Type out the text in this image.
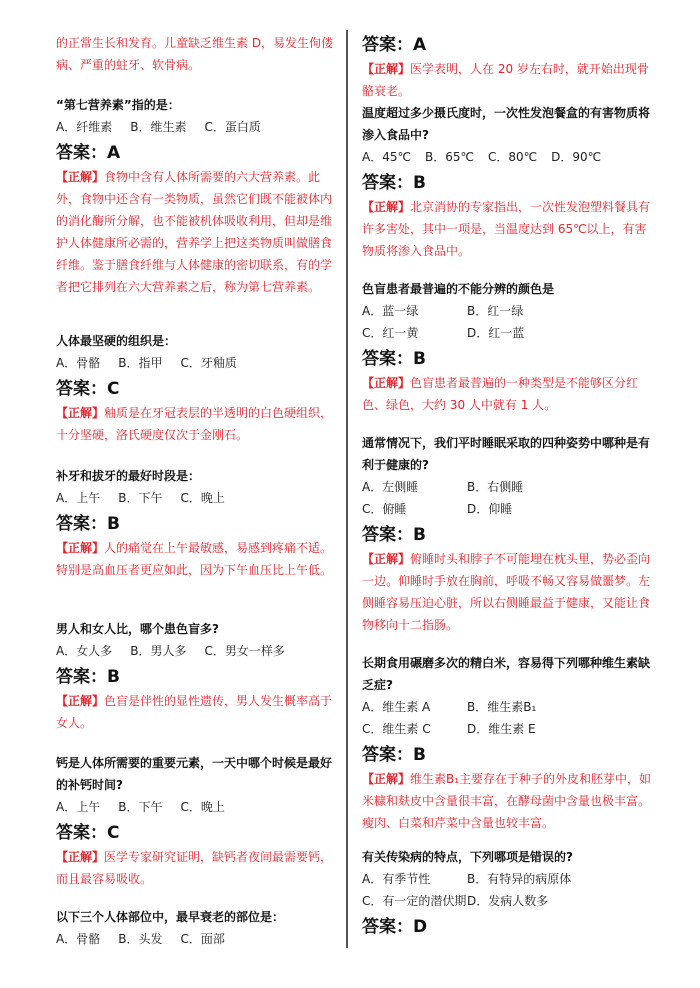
的正常生长和发育。儿童缺乏维生素 D，易发生佝偻病、严重的蛀牙、软骨病。
“第七营养素”指的是：
A．纤维素 B．维生素 C．蛋白质
答案：A
【正解】食物中含有人体所需要的六大营养素。此外，食物中还含有一类物质，虽然它们既不能被体内的消化酶所分解，也不能被机体吸收利用，但却是维护人体健康所必需的，营养学上把这类物质叫做膳食纤维。鉴于膳食纤维与人体健康的密切联系，有的学者把它排列在六大营养素之后，称为第七营养素。
人体最坚硬的组织是：
A．骨骼 B．指甲 C．牙釉质
答案：C
【正解】釉质是在牙冠表层的半透明的白色硬组织，十分坚硬，洛氏硬度仅次于金刚石。
补牙和拔牙的最好时段是：
A．上午 B．下午 C．晚上
答案：B
【正解】人的痛觉在上午最敏感，易感到疼痛不适。特别是高血压者更应如此，因为下午血压比上午低。
男人和女人比，哪个患色盲多?
A．女人多 B．男人多 C．男女一样多
答案：B
【正解】色盲是伴性的显性遗传，男人发生概率高于女人。
钙是人体所需要的重要元素，一天中哪个时候是最好的补钙时间?
A．上午 B．下午 C．晚上
答案：C
【正解】医学专家研究证明，缺钙者夜间最需要钙，而且最容易吸收。
以下三个人体部位中，最早衰老的部位是：
A．骨骼 B．头发 C．面部
答案：A
【正解】医学表明，人在 20 岁左右时，就开始出现骨骼衰老。
温度超过多少摄氏度时，一次性发泡餐盒的有害物质将渗入食品中?
A．45℃ B．65℃ C．80℃ D．90℃
答案：B
【正解】北京消协的专家指出，一次性发泡塑料餐具有许多害处，其中一项是，当温度达到 65℃以上，有害物质将渗入食品中。
色盲患者最普遍的不能分辨的颜色是
A．蓝一绿	B．红一绿
C．红一黄	D．红一蓝
答案：B
【正解】色盲患者最普遍的一种类型是不能够区分红色、绿色，大约 30 人中就有 1 人。
通常情况下，我们平时睡眠采取的四种姿势中哪种是有利于健康的?
A．左侧睡	B．右侧睡
C．俯睡	D．仰睡
答案：B
【正解】俯睡时头和脖子不可能埋在枕头里，势必歪向一边。仰睡时手放在胸前，呼吸不畅又容易做噩梦。左侧睡容易压迫心脏，所以右侧睡最益于健康，又能让食物移向十二指肠。
长期食用碾磨多次的精白米，容易得下列哪种维生素缺乏症?
A．维生素 A	B．维生素B₁
C．维生素 C	D．维生素 E
答案：B
【正解】维生素B₁主要存在于种子的外皮和胚芽中，如米糠和麸皮中含量很丰富，在酵母菌中含量也极丰富。瘦肉、白菜和芹菜中含量也较丰富。
有关传染病的特点，下列哪项是错误的?
A．有季节性	B．有特异的病原体
C．有一定的潜伏期D．发病人数多
答案：D
